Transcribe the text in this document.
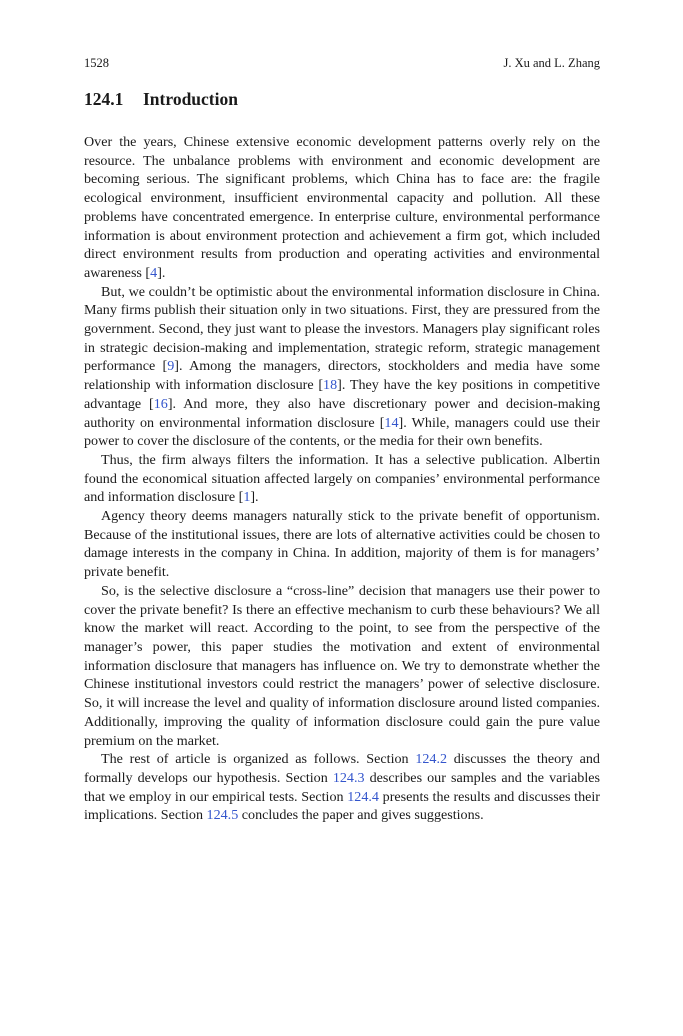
1528	J. Xu and L. Zhang
124.1 Introduction

Over the years, Chinese extensive economic development patterns overly rely on the resource. The unbalance problems with environment and economic development are becoming serious. The significant problems, which China has to face are: the fragile ecological environment, insufficient environmental capacity and pollution. All these problems have concentrated emergence. In enterprise culture, environmental performance information is about environment protection and achievement a firm got, which included direct environment results from production and operating activities and environmental awareness [4].

But, we couldn’t be optimistic about the environmental information disclosure in China. Many firms publish their situation only in two situations. First, they are pressured from the government. Second, they just want to please the investors. Managers play significant roles in strategic decision-making and implementation, strategic reform, strategic management performance [9]. Among the managers, directors, stockholders and media have some relationship with information disclosure [18]. They have the key positions in competitive advantage [16]. And more, they also have discretionary power and decision-making authority on environmental information disclosure [14]. While, managers could use their power to cover the disclosure of the contents, or the media for their own benefits.

Thus, the firm always filters the information. It has a selective publication. Albertin found the economical situation affected largely on companies’ environmental performance and information disclosure [1].

Agency theory deems managers naturally stick to the private benefit of opportunism. Because of the institutional issues, there are lots of alternative activities could be chosen to damage interests in the company in China. In addition, majority of them is for managers’ private benefit.

So, is the selective disclosure a “cross-line” decision that managers use their power to cover the private benefit? Is there an effective mechanism to curb these behaviours? We all know the market will react. According to the point, to see from the perspective of the manager’s power, this paper studies the motivation and extent of environmental information disclosure that managers has influence on. We try to demonstrate whether the Chinese institutional investors could restrict the managers’ power of selective disclosure. So, it will increase the level and quality of information disclosure around listed companies. Additionally, improving the quality of information disclosure could gain the pure value premium on the market.

The rest of article is organized as follows. Section 124.2 discusses the theory and formally develops our hypothesis. Section 124.3 describes our samples and the variables that we employ in our empirical tests. Section 124.4 presents the results and discusses their implications. Section 124.5 concludes the paper and gives suggestions.
